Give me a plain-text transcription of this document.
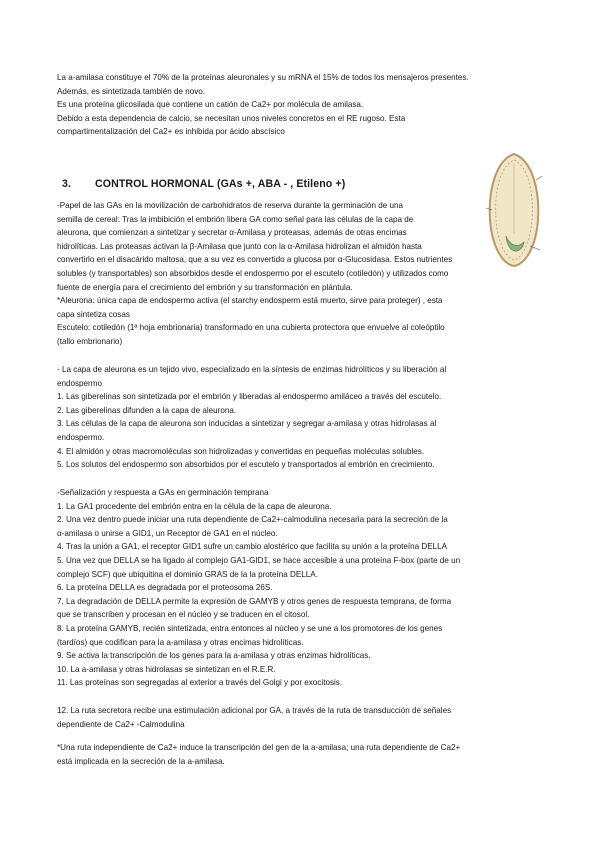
La a-amilasa constituye el 70% de la proteínas aleuronales y su mRNA el 15% de todos los mensajeros presentes.

Además, es sintetizada también de novo.

Es una proteína glicosilada que contiene un catión de Ca2+ por molécula de amilasa.

Debido a esta dependencia de calcio, se necesitan unos niveles concretos en el RE rugoso. Esta

compartimentalización del Ca2+ es inhibida por ácido abscísico

3. CONTROL HORMONAL (GAs +, ABA - , Etileno +)

-Papel de las GAs en la movilización de carbohidratos de reserva durante la germinación de una

semilla de cereal: Tras la imbibición el embrión libera GA como señal para las células de la capa de

aleurona, que comienzan a sintetizar y secretar α-Amilasa y proteasas, además de otras encimas

hidrolíticas. Las proteasas activan la β-Amilasa que junto con la α-Amilasa hidrolizan el almidón hasta

convertirlo en el disacárido maltosa, que a su vez es convertido a glucosa por α-Glucosidasa. Estos nutrientes

solubles (y transportables) son absorbidos desde el endospermo por el escutelo (cotiledón) y utilizados como

fuente de energía para el crecimiento del embrión y su transformación en plántula.

*Aleurona: única capa de endospermo activa (el starchy endosperm está muerto, sirve para proteger) , esta

capa sintetiza cosas

Escutelo: cotiledón (1ª hoja embrionaria) transformado en una cubierta protectora que envuelve al coleóptilo

(tallo embrionario)

- La capa de aleurona es un tejido vivo, especializado en la síntesis de enzimas hidrolíticos y su liberación al

endospermo

1. Las giberelinas son sintetizada por el embrión y liberadas al endospermo amiláceo a través del escutelo.

2. Las giberelinas difunden a la capa de aleurona.

3. Las células de la capa de aleurona son inducidas a sintetizar y segregar a-amilasa y otras hidrolasas al

endospermo.

4. El almidón y otras macromoléculas son hidrolizadas y convertidas en pequeñas moléculas solubles.

5. Los solutos del endospermo son absorbidos por el escutelo y transportados al embrión en crecimiento.

-Señalización y respuesta a GAs en germinación temprana

1. La GA1 procedente del embrión entra en la célula de la capa de aleurona.

2. Una vez dentro puede iniciar una ruta dependiente de Ca2+-calmodulina necesaria para la secreción de la

α-amilasa o unirse a GID1, un Receptor de GA1 en el núcleo.

4. Tras la unión a GA1, el receptor GID1 sufre un cambio alostérico que facilita su unión a la proteína DELLA

5. Una vez que DELLA se ha ligado al complejo GA1-GID1, se hace accesible a una proteína F-box (parte de un

complejo SCF) que ubiquitina el dominio GRAS de la la proteína DELLA.

6. La proteína DELLA es degradada por el proteosoma 26S.

7. La degradación de DELLA permite la expresión de GAMYB y otros genes de respuesta temprana, de forma

que se transcriben y procesan en el núcleo y se traducen en el citosol.

8. La proteína GAMYB, recién sintetizada, entra entonces al núcleo y se une a los promotores de los genes

(tardíos) que codifican para la a-amilasa y otras encimas hidrolíticas.

9. Se activa la transcripción de los genes para la a-amilasa y otras enzimas hidrolíticas.

10. La a-amilasa y otras hidrolasas se sintetizan en el R.E.R.

11. Las proteínas son segregadas al exterior a través del Golgi y por exocitosis.

12. La ruta secretora recibe una estimulación adicional por GA, a través de la ruta de transducción de señales

dependiente de Ca2+ -Calmodulina

*Una ruta independiente de Ca2+ induce la transcripción del gen de la a-amilasa; una ruta dependiente de Ca2+

está implicada en la secreción de la a-amilasa.
